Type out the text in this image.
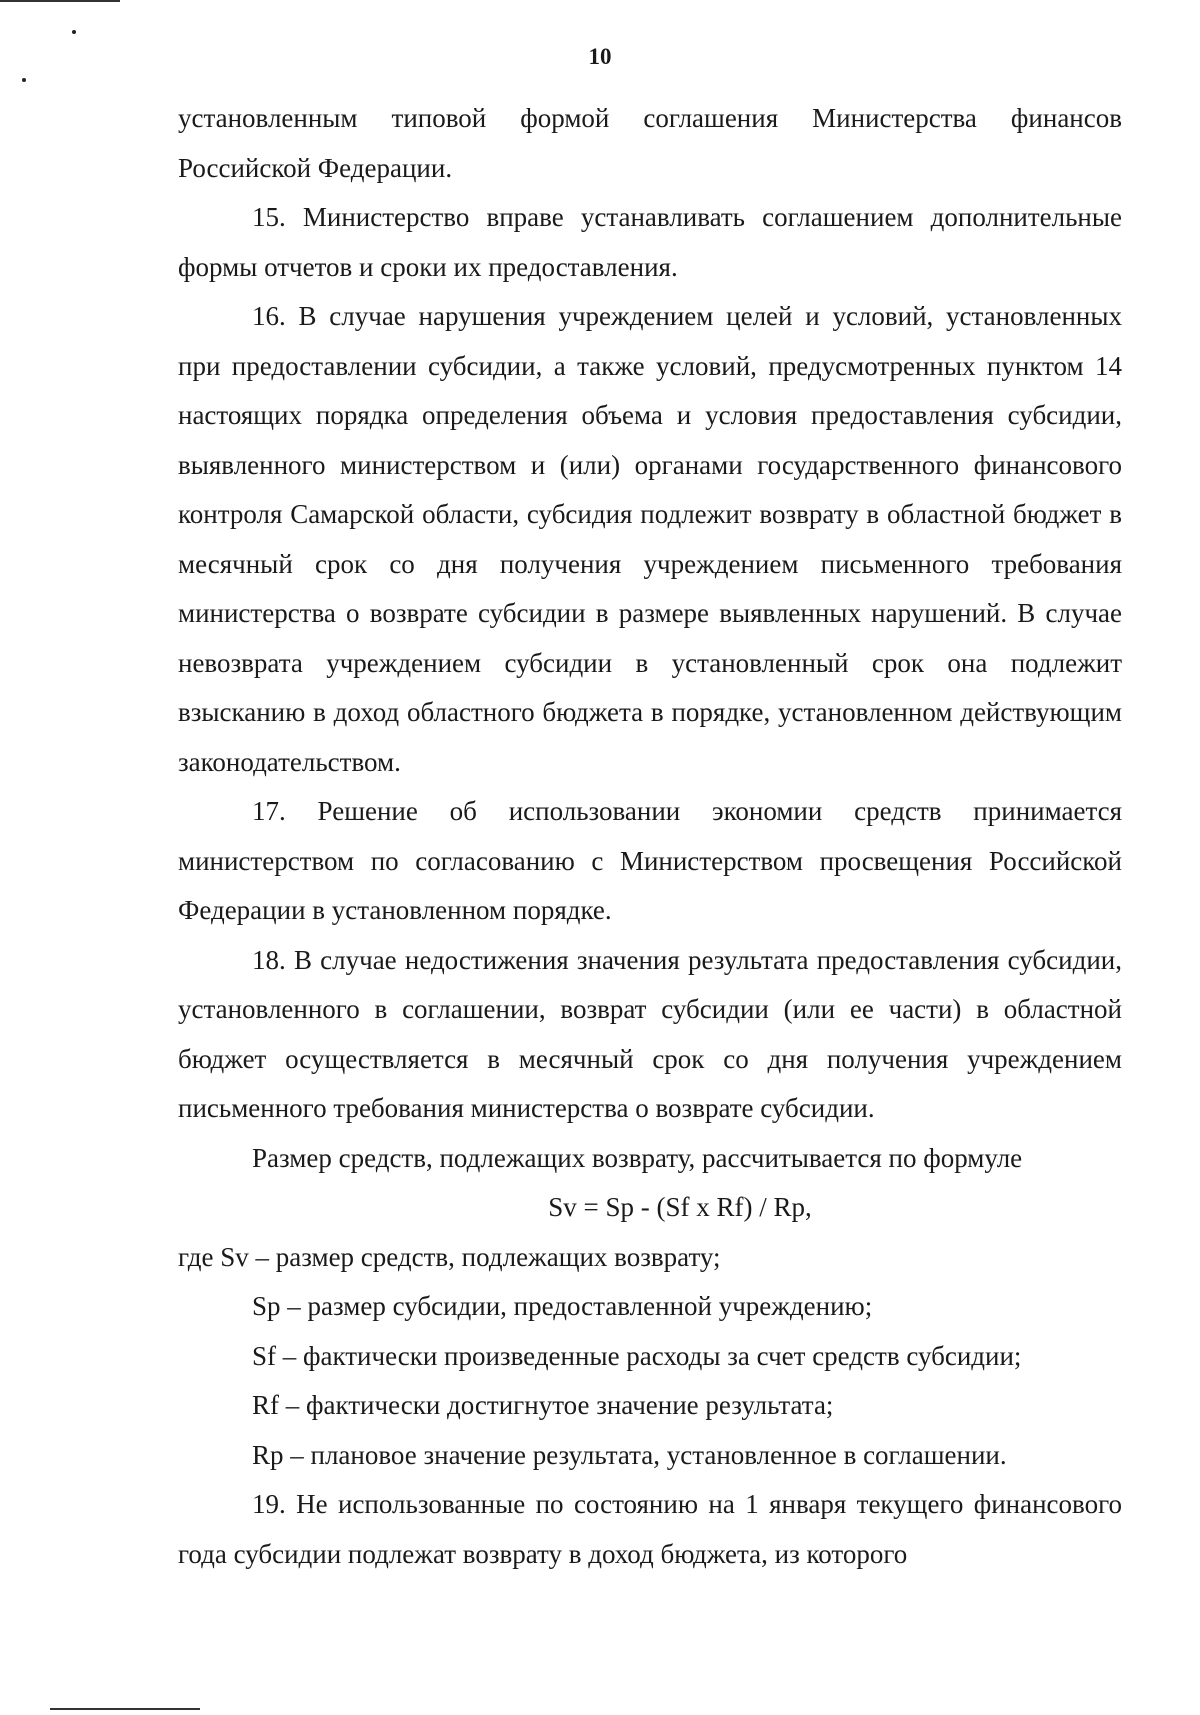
10

установленным типовой формой соглашения Министерства финансов Российской Федерации.

15. Министерство вправе устанавливать соглашением дополнительные формы отчетов и сроки их предоставления.

16. В случае нарушения учреждением целей и условий, установленных при предоставлении субсидии, а также условий, предусмотренных пунктом 14 настоящих порядка определения объема и условия предоставления субсидии, выявленного министерством и (или) органами государственного финансового контроля Самарской области, субсидия подлежит возврату в областной бюджет в месячный срок со дня получения учреждением письменного требования министерства о возврате субсидии в размере выявленных нарушений. В случае невозврата учреждением субсидии в установленный срок она подлежит взысканию в доход областного бюджета в порядке, установленном действующим законодательством.

17. Решение об использовании экономии средств принимается министерством по согласованию с Министерством просвещения Российской Федерации в установленном порядке.

18. В случае недостижения значения результата предоставления субсидии, установленного в соглашении, возврат субсидии (или ее части) в областной бюджет осуществляется в месячный срок со дня получения учреждением письменного требования министерства о возврате субсидии.

Размер средств, подлежащих возврату, рассчитывается по формуле

Sv = Sp - (Sf x Rf) / Rp,

где Sv – размер средств, подлежащих возврату;

Sp – размер субсидии, предоставленной учреждению;

Sf – фактически произведенные расходы за счет средств субсидии;

Rf – фактически достигнутое значение результата;

Rp – плановое значение результата, установленное в соглашении.

19. Не использованные по состоянию на 1 января текущего финансового года субсидии подлежат возврату в доход бюджета, из которого
